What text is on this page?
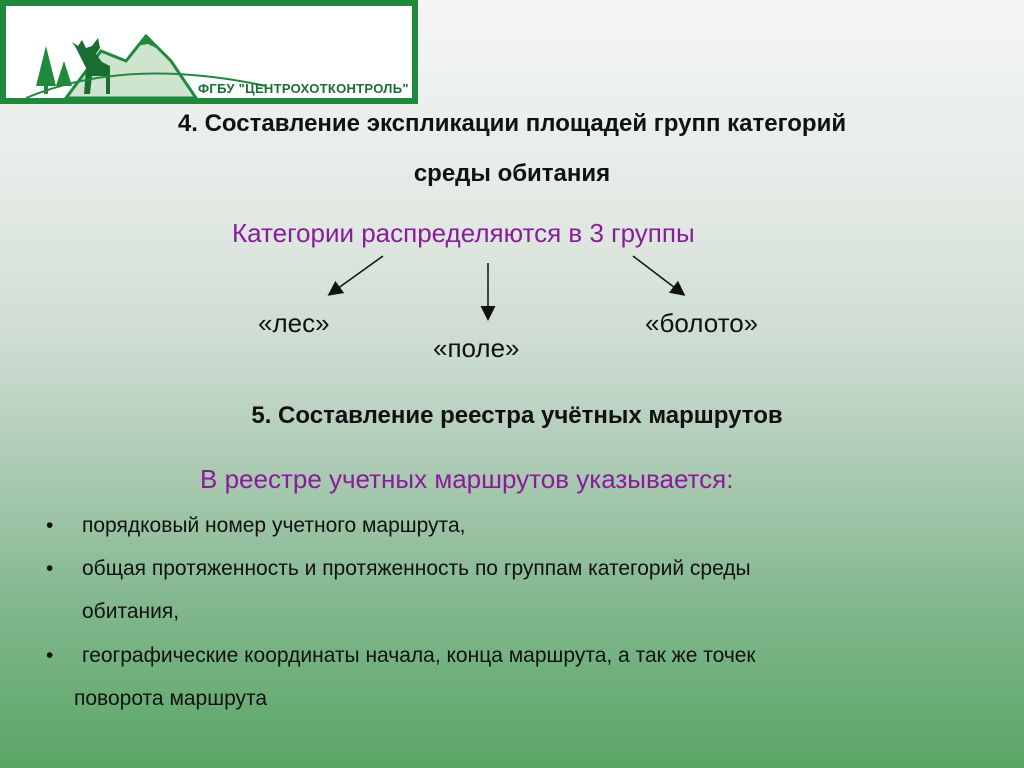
ФГБУ "ЦЕНТРОХОТКОНТРОЛЬ"
4. Составление экспликации площадей групп категорий
среды обитания
Категории распределяются в 3 группы
«лес»
«поле»
«болото»
5. Составление реестра учётных маршрутов
В реестре учетных маршрутов указывается:
• порядковый номер учетного маршрута,
• общая протяженность и протяженность по группам категорий среды
обитания,
• географические координаты начала, конца маршрута, а так же точек
поворота маршрута
